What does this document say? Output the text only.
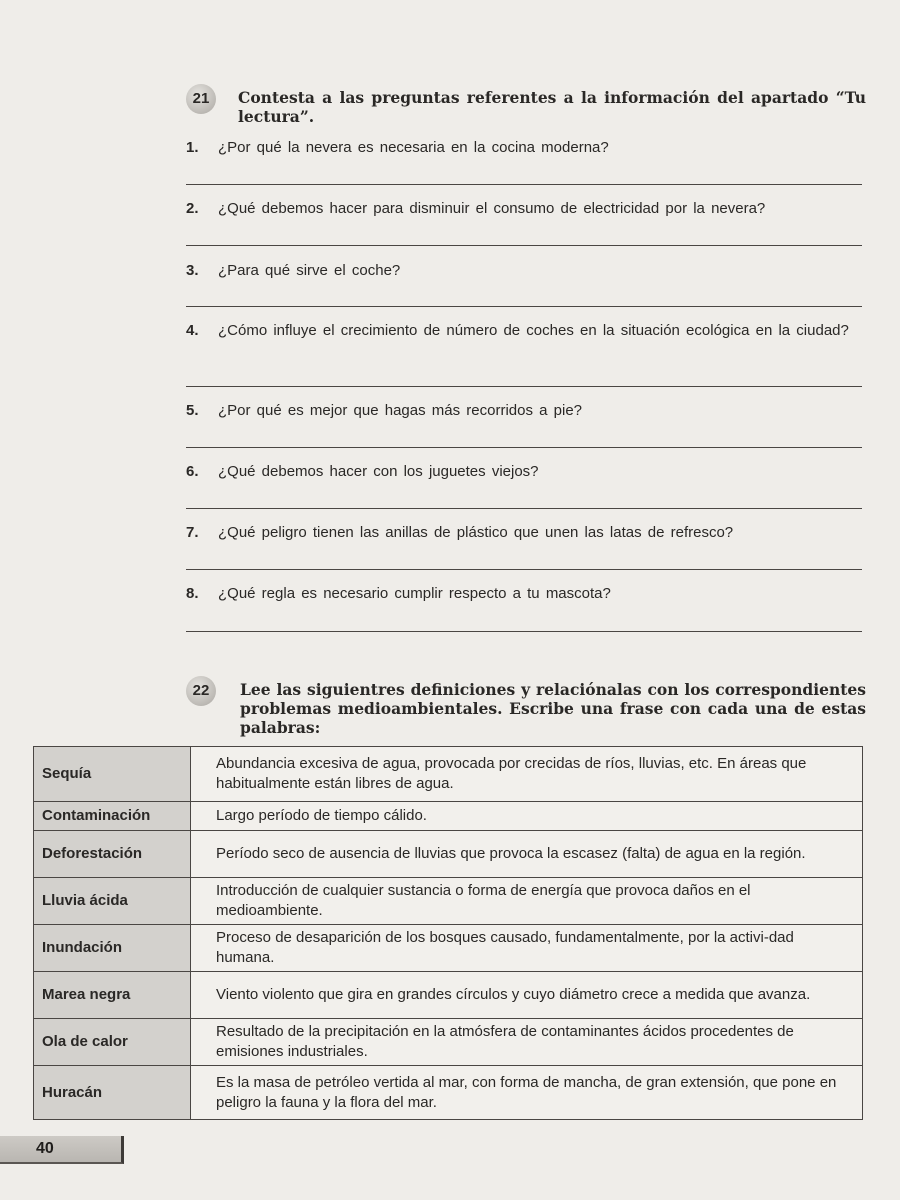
21	Contesta a las preguntas referentes a la información del apartado “Tu lectura”.
1.	¿Por qué la nevera es necesaria en la cocina moderna?
2.	¿Qué debemos hacer para disminuir el consumo de electricidad por la nevera?
3.	¿Para qué sirve el coche?
4.	¿Cómo influye el crecimiento de número de coches en la situación ecológica en la ciudad?
5.	¿Por qué es mejor que hagas más recorridos a pie?
6.	¿Qué debemos hacer con los juguetes viejos?
7.	¿Qué peligro tienen las anillas de plástico que unen las latas de refresco?
8.	¿Qué regla es necesario cumplir respecto a tu mascota?
22	Lee las siguientres definiciones y relaciónalas con los correspondientes problemas medioambientales. Escribe una frase con cada una de estas palabras:
Sequía	Abundancia excesiva de agua, provocada por crecidas de ríos, lluvias, etc. En áreas que habitualmente están libres de agua.
Contaminación	Largo período de tiempo cálido.
Deforestación	Período seco de ausencia de lluvias que provoca la escasez (falta) de agua en la región.
Lluvia ácida	Introducción de cualquier sustancia o forma de energía que provoca daños en el medioambiente.
Inundación	Proceso de desaparición de los bosques causado, fundamentalmente, por la activi-dad humana.
Marea negra	Viento violento que gira en grandes círculos y cuyo diámetro crece a medida que avanza.
Ola de calor	Resultado de la precipitación en la atmósfera de contaminantes ácidos procedentes de emisiones industriales.
Huracán	Es la masa de petróleo vertida al mar, con forma de mancha, de gran extensión, que pone en peligro la fauna y la flora del mar.
40
